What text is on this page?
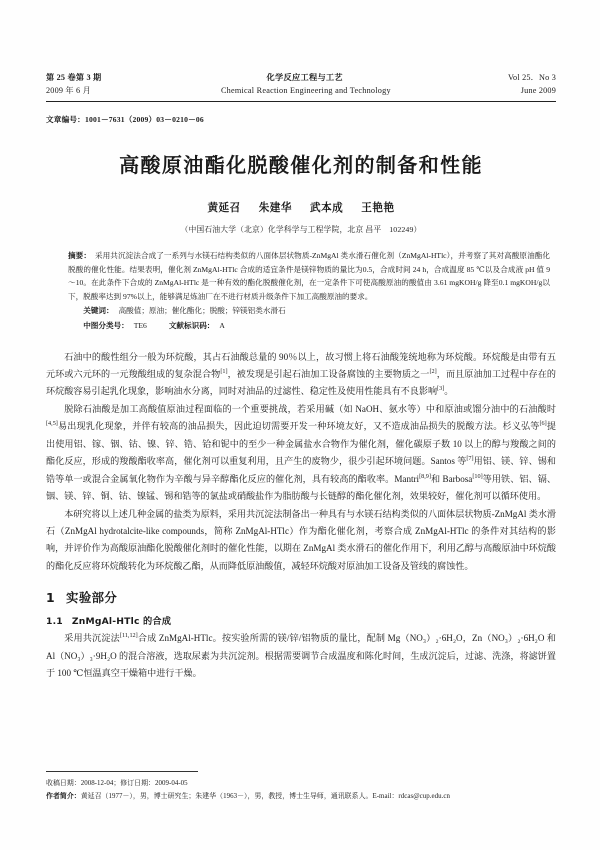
第 25 卷第 3 期	化学反应工程与工艺	Vol 25．No 3
2009 年 6 月	Chemical Reaction Engineering and Technology	June 2009
文章编号：1001－7631（2009）03－0210－06
高酸原油酯化脱酸催化剂的制备和性能
黄延召 朱建华 武本成 王艳艳
（中国石油大学（北京）化学科学与工程学院，北京 昌平　102249）
摘要： 采用共沉淀法合成了一系列与水镁石结构类似的八面体层状物质-ZnMgAl 类水滑石催化剂（ZnMgAl-HTlc），并考察了其对高酸原油酯化脱酸的催化性能。结果表明，催化剂 ZnMgAl-HTlc 合成的适宜条件是镁锌物质的量比为0.5，合成时间 24 h，合成温度 85 ℃以及合成液 pH 值 9～10。在此条件下合成的 ZnMgAl-HTlc 是一种有效的酯化脱酸催化剂，在一定条件下可使高酸原油的酸值由 3.61 mgKOH/g 降至0.1 mgKOH/g以下，脱酸率达到 97%以上，能够满足炼油厂在不进行材质升级条件下加工高酸原油的要求。
关键词： 高酸值；原油；催化酯化；脱酸；锌镁铝类水滑石
中图分类号： TE6	文献标识码： A

石油中的酸性组分一般为环烷酸，其占石油酸总量的 90％以上，故习惯上将石油酸笼统地称为环烷酸。环烷酸是由带有五元环或六元环的一元羧酸组成的复杂混合物[1]，被发现是引起石油加工设备腐蚀的主要物质之一[2]，而且原油加工过程中存在的环烷酸容易引起乳化现象，影响油水分离，同时对油品的过滤性、稳定性及使用性能具有不良影响[3]。

脱除石油酸是加工高酸值原油过程面临的一个重要挑战，若采用碱（如 NaOH、氨水等）中和原油或馏分油中的石油酸时[4,5]易出现乳化现象，并伴有较高的油品损失，因此迫切需要开发一种环境友好，又不造成油品损失的脱酸方法。杉义弘等[6]提出使用铝、镓、铟、钴、镍、锌、锆、铪和铌中的至少一种金属盐水合物作为催化剂，催化碳原子数 10 以上的醇与羧酸之间的酯化反应，形成的羧酸酯收率高，催化剂可以重复利用，且产生的废物少，很少引起环境问题。Santos 等[7]用铝、镁、锌、锡和锆等单一或混合金属氧化物作为辛酸与异辛醇酯化反应的催化剂，具有较高的酯收率。Mantri[8,9]和 Barbosa[10]等用铁、铝、镉、铟、镁、锌、铜、钴、镍锰、锡和锆等的氯盐或硝酸盐作为脂肪酸与长链醇的酯化催化剂，效果较好，催化剂可以循环使用。

本研究将以上述几种金属的盐类为原料，采用共沉淀法制备出一种具有与水镁石结构类似的八面体层状物质-ZnMgAl 类水滑石（ZnMgAl hydrotalcite-like compounds，简称 ZnMgAl-HTlc）作为酯化催化剂，考察合成 ZnMgAl-HTlc 的条件对其结构的影响，并评价作为高酸原油酯化脱酸催化剂时的催化性能，以期在 ZnMgAl 类水滑石的催化作用下，利用乙醇与高酸原油中环烷酸的酯化反应将环烷酸转化为环烷酸乙酯，从而降低原油酸值，减轻环烷酸对原油加工设备及管线的腐蚀性。

1 实验部分
1.1 ZnMgAl-HTlc 的合成

采用共沉淀法[11,12]合成 ZnMgAl-HTlc。按实验所需的镁/锌/铝物质的量比，配制 Mg（NO₃）₂·6H₂O，Zn（NO₃）₂·6H₂O 和 Al（NO₃）₃·9H₂O 的混合溶液，选取尿素为共沉淀剂。根据需要调节合成温度和陈化时间，生成沉淀后，过滤、洗涤，将滤饼置于 100 ℃恒温真空干燥箱中进行干燥。

收稿日期：2008-12-04；修订日期：2009-04-05
作者简介：黄延召（1977－），男，博士研究生；朱建华（1963－），男，教授，博士生导师，通讯联系人。E-mail：rdcas@cup.edu.cn
